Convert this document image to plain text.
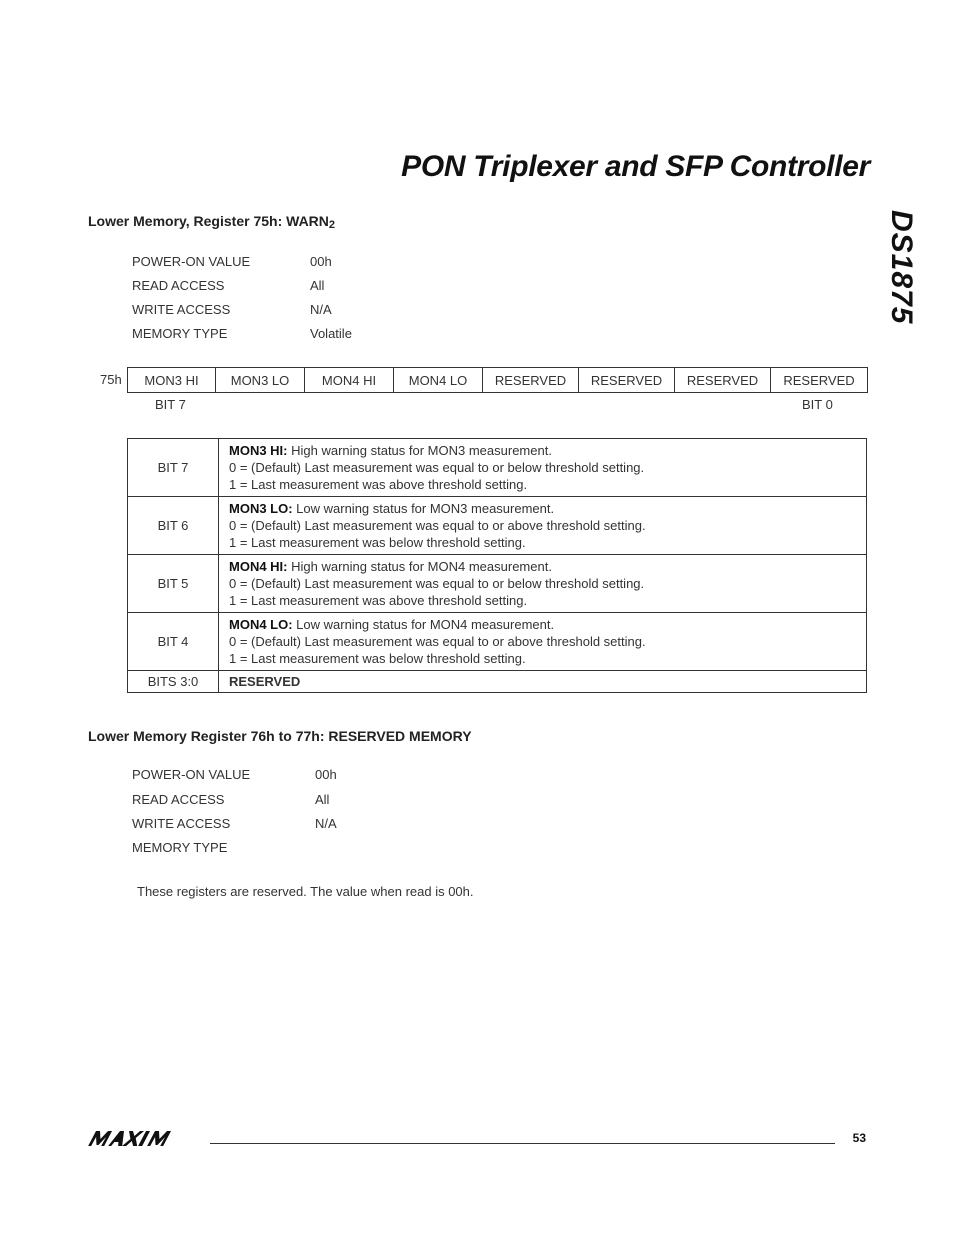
PON Triplexer and SFP Controller
DS1875
Lower Memory, Register 75h: $WARN_2$
POWER-ON VALUE	00h
READ ACCESS	All
WRITE ACCESS	N/A
MEMORY TYPE	Volatile
75h MON3 HI	MON3 LO	MON4 HI	MON4 LO	RESERVED	RESERVED	RESERVED	RESERVED
BIT 7	BIT 0
BIT 7	MON3 HI: High warning status for MON3 measurement.
0 = (Default) Last measurement was equal to or below threshold setting.
1 = Last measurement was above threshold setting.

BIT 6	MON3 LO: Low warning status for MON3 measurement.
0 = (Default) Last measurement was equal to or above threshold setting.
1 = Last measurement was below threshold setting.

BIT 5	MON4 HI: High warning status for MON4 measurement.
0 = (Default) Last measurement was equal to or below threshold setting.
1 = Last measurement was above threshold setting.

BIT 4	MON4 LO: Low warning status for MON4 measurement.
0 = (Default) Last measurement was equal to or above threshold setting.
1 = Last measurement was below threshold setting.

BITS 3:0	RESERVED
Lower Memory Register 76h to 77h: RESERVED MEMORY
POWER-ON VALUE	00h
READ ACCESS	All
WRITE ACCESS	N/A
MEMORY TYPE
These registers are reserved. The value when read is 00h.
53
